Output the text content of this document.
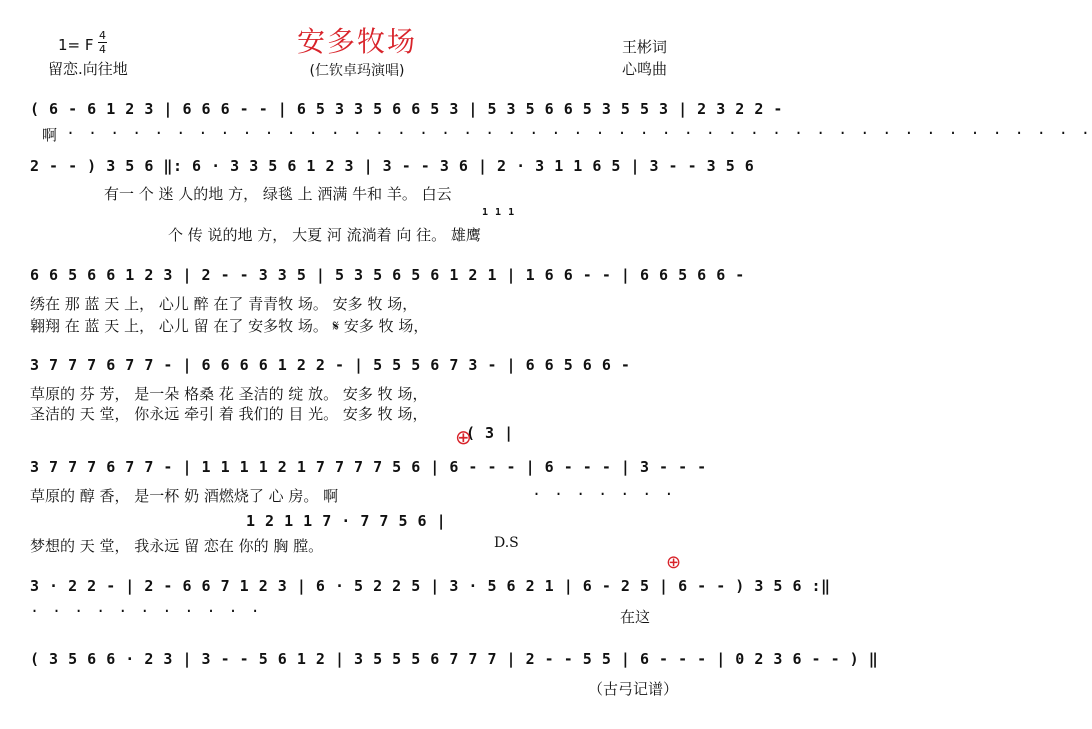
安多牧场
(仁钦卓玛演唱)
1= F
4
4
留恋.向往地
王彬词
心鸣曲
( 6 - 6 1 2 3 | 6 6 6 - - | 6 5 3 3 5 6 6 5 3 | 5 3 5 6 6 5 3 5 5 3 | 2 3 2 2 -
啊 · · · · · · · · · · · · · · · · · · · · · · · · · · · · · · · · · · · · · · · · · · · · · · ·
2 - - ) 3 5 6 ‖: 6 · 3 3 5 6 1 2 3 | 3 - - 3 6 | 2 · 3 1 1 6 5 | 3 - - 3 5 6
有一 个 迷 人的地 方， 绿毯 上 洒满 牛和 羊。 白云
1 1 1
个 传 说的地 方， 大夏 河 流淌着 向 往。 雄鹰
6 6 5 6 6 1 2 3 | 2 - - 3 3 5 | 5 3 5 6 5 6 1 2 1 | 1 6 6 - - | 6 6 5 6 6 -
绣在 那 蓝 天 上， 心儿 醉 在了 青青牧 场。 安多 牧 场，
翱翔 在 蓝 天 上， 心儿 留 在了 安多牧 场。 𝄋 安多 牧 场，
3 7 7 7 6 7 7 - | 6 6 6 6 1 2 2 - | 5 5 5 6 7 3 - | 6 6 5 6 6 -
草原的 芬 芳， 是一朵 格桑 花 圣洁的 绽 放。 安多 牧 场，
圣洁的 天 堂， 你永远 牵引 着 我们的 目 光。 安多 牧 场，
( 3 |
⊕
3 7 7 7 6 7 7 - | 1 1 1 1 2 1 7 7 7 7 5 6 | 6 - - - | 6 - - - | 3 - - -
草原的 醇 香， 是一杯 奶 酒燃烧了 心 房。 啊	· · · · · · ·
1 2 1 1 7 · 7 7 5 6 |
梦想的 天 堂， 我永远 留 恋在 你的 胸 膛。	D.S
⊕
3 · 2 2 - | 2 - 6 6 7 1 2 3 | 6 · 5 2 2 5 | 3 · 5 6 2 1 | 6 - 2 5 | 6 - - ) 3 5 6 :‖
· · · · · · · · · · ·	在这
( 3 5 6 6 · 2 3 | 3 - - 5 6 1 2 | 3 5 5 5 6 7 7 7 | 2 - - 5 5 | 6 - - - | 0 2 3 6 - - ) ‖
（古弓记谱）
